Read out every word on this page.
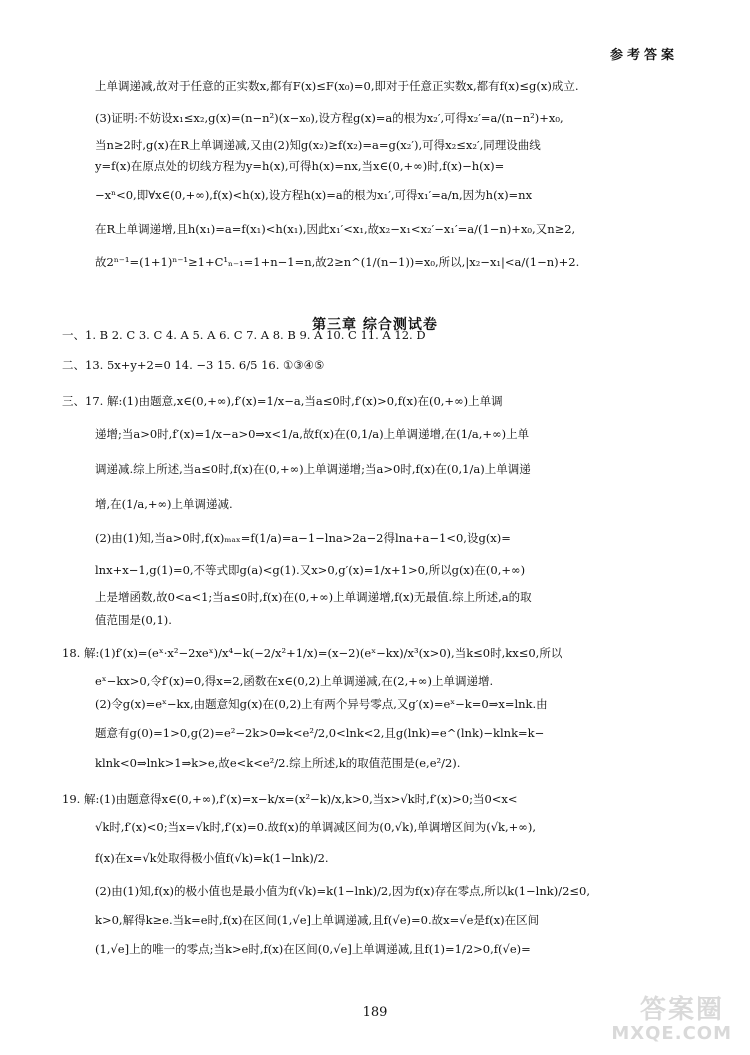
参考答案
上单调递减,故对于任意的正实数x,都有F(x)≤F(x₀)=0,即对于任意正实数x,都有f(x)≤g(x)成立.
(3)证明:不妨设x₁≤x₂,g(x)=(n−n²)(x−x₀),设方程g(x)=a的根为x₂′,可得x₂′=a/(n−n²)+x₀,
当n≥2时,g(x)在R上单调递减,又由(2)知g(x₂)≥f(x₂)=a=g(x₂′),可得x₂≤x₂′,同理设曲线
y=f(x)在原点处的切线方程为y=h(x),可得h(x)=nx,当x∈(0,+∞)时,f(x)−h(x)=
−xⁿ<0,即∀x∈(0,+∞),f(x)<h(x),设方程h(x)=a的根为x₁′,可得x₁′=a/n,因为h(x)=nx
在R上单调递增,且h(x₁)=a=f(x₁)<h(x₁),因此x₁′<x₁,故x₂−x₁<x₂′−x₁′=a/(1−n)+x₀,又n≥2,
故2ⁿ⁻¹=(1+1)ⁿ⁻¹≥1+C¹ₙ₋₁=1+n−1=n,故2≥n^(1/(n−1))=x₀,所以,|x₂−x₁|<a/(1−n)+2.
一、1. B 2. C 3. C 4. A 5. A 6. C 7. A 8. B 9. A 10. C 11. A 12. D
二、13. 5x+y+2=0 14. −3 15. 6/5 16. ①③④⑤
三、17. 解:(1)由题意,x∈(0,+∞),f′(x)=1/x−a,当a≤0时,f′(x)>0,f(x)在(0,+∞)上单调
递增;当a>0时,f′(x)=1/x−a>0⇒x<1/a,故f(x)在(0,1/a)上单调递增,在(1/a,+∞)上单
调递减.综上所述,当a≤0时,f(x)在(0,+∞)上单调递增;当a>0时,f(x)在(0,1/a)上单调递
增,在(1/a,+∞)上单调递减.
(2)由(1)知,当a>0时,f(x)ₘₐₓ=f(1/a)=a−1−lna>2a−2得lna+a−1<0,设g(x)=
lnx+x−1,g(1)=0,不等式即g(a)<g(1).又x>0,g′(x)=1/x+1>0,所以g(x)在(0,+∞)
上是增函数,故0<a<1;当a≤0时,f(x)在(0,+∞)上单调递增,f(x)无最值.综上所述,a的取
值范围是(0,1).
18. 解:(1)f′(x)=(eˣ·x²−2xeˣ)/x⁴−k(−2/x²+1/x)=(x−2)(eˣ−kx)/x³(x>0),当k≤0时,kx≤0,所以
eˣ−kx>0,令f′(x)=0,得x=2,函数在x∈(0,2)上单调递减,在(2,+∞)上单调递增.
(2)令g(x)=eˣ−kx,由题意知g(x)在(0,2)上有两个异号零点,又g′(x)=eˣ−k=0⇒x=lnk.由
题意有g(0)=1>0,g(2)=e²−2k>0⇒k<e²/2,0<lnk<2,且g(lnk)=e^(lnk)−klnk=k−
klnk<0⇒lnk>1⇒k>e,故e<k<e²/2.综上所述,k的取值范围是(e,e²/2).
19. 解:(1)由题意得x∈(0,+∞),f′(x)=x−k/x=(x²−k)/x,k>0,当x>√k时,f′(x)>0;当0<x<
√k时,f′(x)<0;当x=√k时,f′(x)=0.故f(x)的单调减区间为(0,√k),单调增区间为(√k,+∞),
f(x)在x=√k处取得极小值f(√k)=k(1−lnk)/2.
(2)由(1)知,f(x)的极小值也是最小值为f(√k)=k(1−lnk)/2,因为f(x)存在零点,所以k(1−lnk)/2≤0,
k>0,解得k≥e.当k=e时,f(x)在区间(1,√e]上单调递减,且f(√e)=0.故x=√e是f(x)在区间
(1,√e]上的唯一的零点;当k>e时,f(x)在区间(0,√e]上单调递减,且f(1)=1/2>0,f(√e)=
第三章 综合测试卷
189	答案圈
MXQE.COM
